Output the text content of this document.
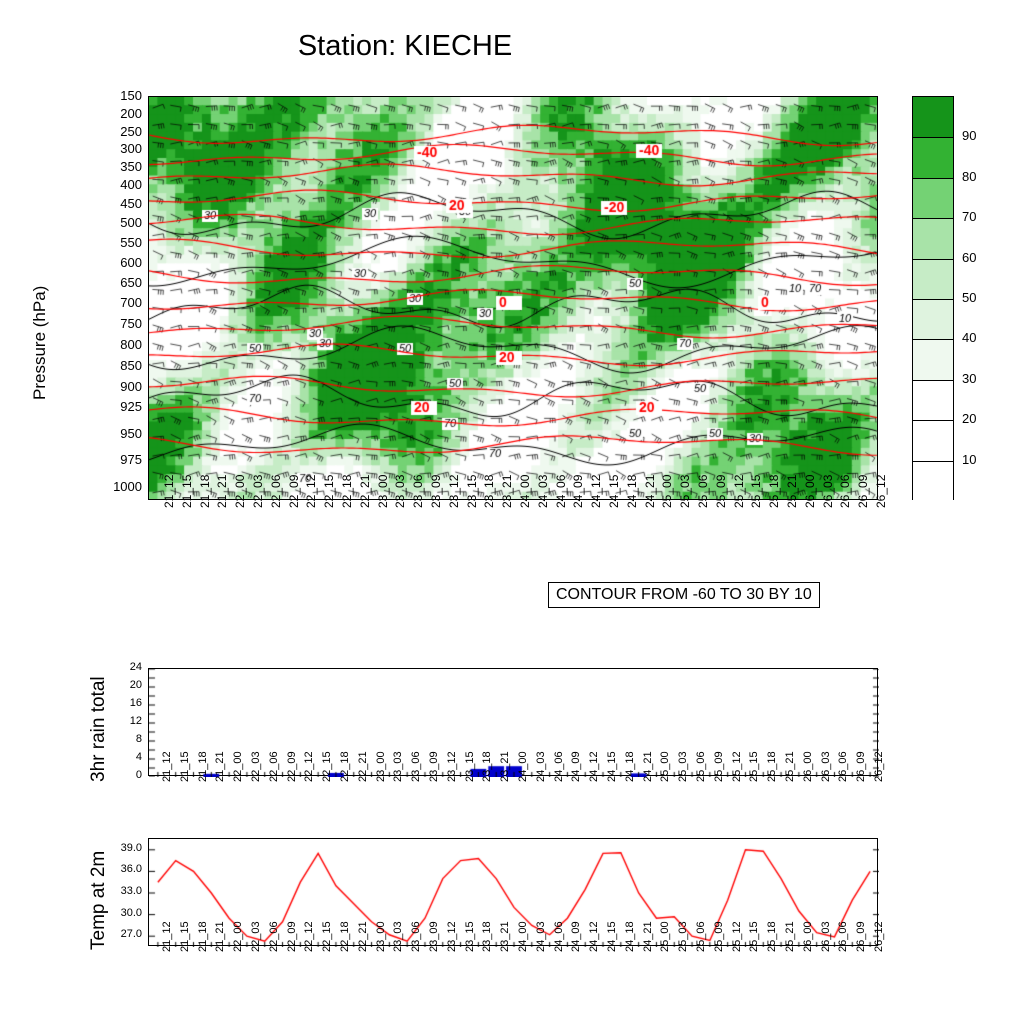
Station: KIECHE
Pressure (hPa)
150
200
250
300
350
400
450
500
550
600
650
700
750
800
850
900
925
950
975
1000 21_12 21_15 21_18 21_21 22_00 22_03 22_06 22_09 22_12 22_15 22_18 22_21 23_00 23_03 23_06 23_09 23_12 23_15 23_18 23_21 24_00 24_03 24_06 24_09 24_12 24_15 24_18 24_21 25_00 25_03 25_06 25_09 25_12 25_15 25_18 25_21 26_00 26_03 26_06 26_09 26_12
CONTOUR FROM -60 TO 30 BY 10
90
80
70
60
50
40
30
20
10
3hr rain total	0
4
8
12
16
20
24
21_12 21_15 21_18 21_21 22_00 22_03 22_06 22_09 22_12 22_15 22_18 22_21 23_00 23_03 23_06 23_09 23_12 23_15 23_18 23_21 24_00 24_03 24_06 24_09 24_12 24_15 24_18 24_21 25_00 25_03 25_06 25_09 25_12 25_15 25_18 25_21 26_00 26_03 26_06 26_09 26_12
Temp at 2m	27.0
30.0
33.0
36.0
39.0
21_12 21_15 21_18 21_21 22_00 22_03 22_06 22_09 22_12 22_15 22_18 22_21 23_00 23_03 23_06 23_09 23_12 23_15 23_18 23_21 24_00 24_03 24_06 24_09 24_12 24_15 24_18 24_21 25_00 25_03 25_06 25_09 25_12 25_15 25_18 25_21 26_00 26_03 26_06 26_09 26_12
